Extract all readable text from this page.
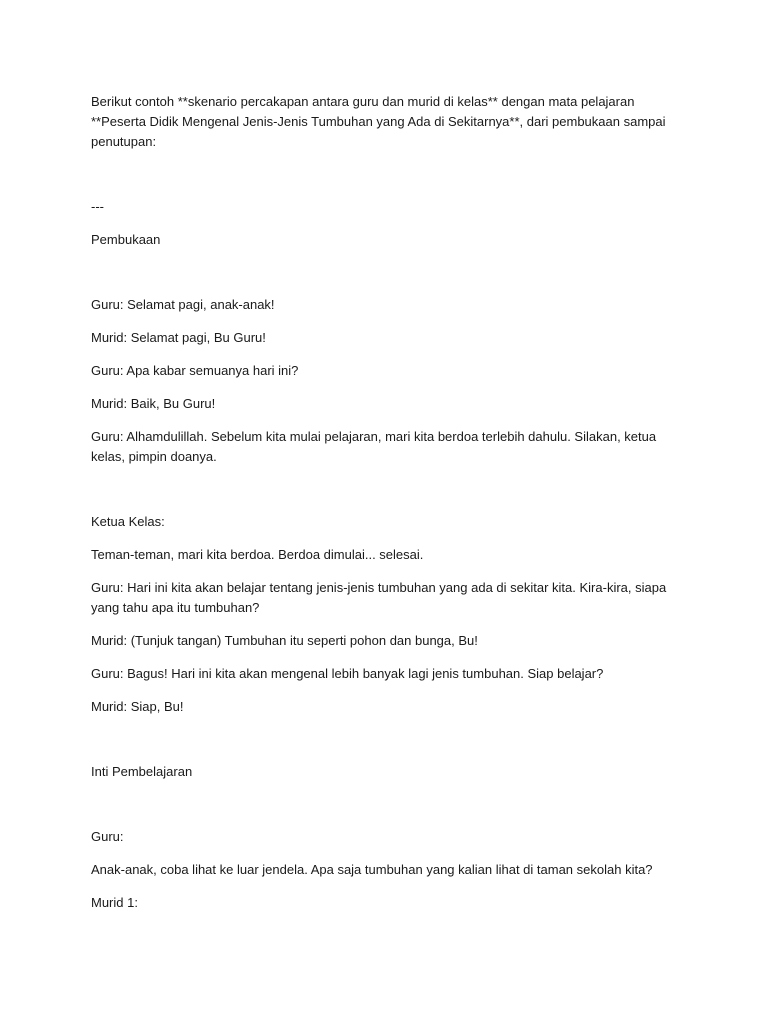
Berikut contoh **skenario percakapan antara guru dan murid di kelas** dengan mata pelajaran **Peserta Didik Mengenal Jenis-Jenis Tumbuhan yang Ada di Sekitarnya**, dari pembukaan sampai penutupan:

---

Pembukaan

Guru: Selamat pagi, anak-anak!

Murid: Selamat pagi, Bu Guru!

Guru: Apa kabar semuanya hari ini?

Murid: Baik, Bu Guru!

Guru: Alhamdulillah. Sebelum kita mulai pelajaran, mari kita berdoa terlebih dahulu. Silakan, ketua kelas, pimpin doanya.

Ketua Kelas:

Teman-teman, mari kita berdoa. Berdoa dimulai... selesai.

Guru: Hari ini kita akan belajar tentang jenis-jenis tumbuhan yang ada di sekitar kita. Kira-kira, siapa yang tahu apa itu tumbuhan?

Murid: (Tunjuk tangan) Tumbuhan itu seperti pohon dan bunga, Bu!

Guru: Bagus! Hari ini kita akan mengenal lebih banyak lagi jenis tumbuhan. Siap belajar?

Murid: Siap, Bu!

Inti Pembelajaran

Guru:

Anak-anak, coba lihat ke luar jendela. Apa saja tumbuhan yang kalian lihat di taman sekolah kita?

Murid 1:
